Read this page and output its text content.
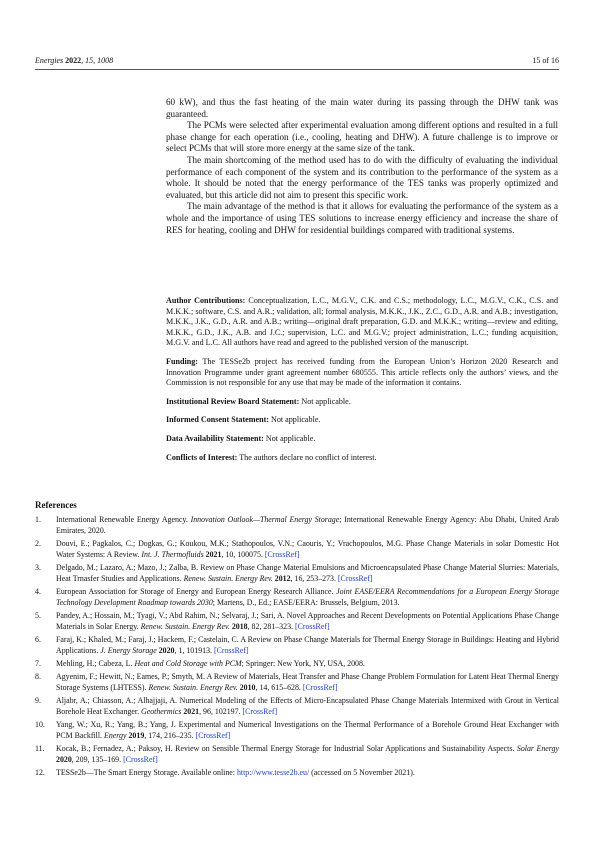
Energies 2022, 15, 1008	15 of 16

60 kW), and thus the fast heating of the main water during its passing through the DHW tank was guaranteed.

The PCMs were selected after experimental evaluation among different options and resulted in a full phase change for each operation (i.e., cooling, heating and DHW). A future challenge is to improve or select PCMs that will store more energy at the same size of the tank.

The main shortcoming of the method used has to do with the difficulty of evaluating the individual performance of each component of the system and its contribution to the performance of the system as a whole. It should be noted that the energy performance of the TES tanks was properly optimized and evaluated, but this article did not aim to present this specific work.

The main advantage of the method is that it allows for evaluating the performance of the system as a whole and the importance of using TES solutions to increase energy efficiency and increase the share of RES for heating, cooling and DHW for residential buildings compared with traditional systems.

Author Contributions: Conceptualization, L.C., M.G.V., C.K. and C.S.; methodology, L.C., M.G.V., C.K., C.S. and M.K.K.; software, C.S. and A.R.; validation, all; formal analysis, M.K.K., J.K., Z.C., G.D., A.R. and A.B.; investigation, M.K.K., J.K., G.D., A.R. and A.B.; writing—original draft preparation, G.D. and M.K.K.; writing—review and editing, M.K.K., G.D., J.K., A.B. and J.C.; supervision, L.C. and M.G.V.; project administration, L.C.; funding acquisition, M.G.V. and L.C. All authors have read and agreed to the published version of the manuscript.

Funding: The TESSe2b project has received funding from the European Union’s Horizon 2020 Research and Innovation Programme under grant agreement number 680555. This article reflects only the authors’ views, and the Commission is not responsible for any use that may be made of the information it contains.

Institutional Review Board Statement: Not applicable.

Informed Consent Statement: Not applicable.

Data Availability Statement: Not applicable.

Conflicts of Interest: The authors declare no conflict of interest.

References
1. International Renewable Energy Agency. Innovation Outlook—Thermal Energy Storage; International Renewable Energy Agency: Abu Dhabi, United Arab Emirates, 2020.
2. Douvi, E.; Pagkalos, C.; Dogkas, G.; Koukou, M.K.; Stathopoulos, V.N.; Caouris, Y.; Vrachopoulos, M.G. Phase Change Materials in solar Domestic Hot Water Systems: A Review. Int. J. Thermofluids 2021, 10, 100075. [CrossRef]
3. Delgado, M.; Lazaro, A.; Mazo, J.; Zalba, B. Review on Phase Change Material Emulsions and Microencapsulated Phase Change Material Slurries: Materials, Heat Trnasfer Studies and Applications. Renew. Sustain. Energy Rev. 2012, 16, 253–273. [CrossRef]
4. European Association for Storage of Energy and European Energy Research Alliance. Joint EASE/EERA Recommendations for a European Energy Storage Technology Development Roadmap towards 2030; Martens, D., Ed.; EASE/EERA: Brussels, Belgium, 2013.
5. Pandey, A.; Hossain, M.; Tyagi, V.; Abd Rahim, N.; Selvaraj, J.; Sari, A. Novel Approaches and Recent Developments on Potential Applications Phase Change Materials in Solar Energy. Renew. Sustain. Energy Rev. 2018, 82, 281–323. [CrossRef]
6. Faraj, K.; Khaled, M.; Faraj, J.; Hackem, F.; Castelain, C. A Review on Phase Change Materials for Thermal Energy Storage in Buildings: Heating and Hybrid Applications. J. Energy Storage 2020, 1, 101913. [CrossRef]
7. Mehling, H.; Cabeza, L. Heat and Cold Storage with PCM; Springer: New York, NY, USA, 2008.
8. Agyenim, F.; Hewitt, N.; Eames, P.; Smyth, M. A Review of Materials, Heat Transfer and Phase Change Problem Formulation for Latent Heat Thermal Energy Storage Systems (LHTESS). Renew. Sustain. Energy Rev. 2010, 14, 615–628. [CrossRef]
9. Aljabr, A.; Chiasson, A.; Alhajjaji, A. Numerical Modeling of the Effects of Micro-Encapsulated Phase Change Materials Intermixed with Grout in Vertical Borehole Heat Exchanger. Geothermics 2021, 96, 102197. [CrossRef]
10. Yang, W.; Xu, R.; Yang, B.; Yang, J. Experimental and Numerical Investigations on the Thermal Performance of a Borehole Ground Heat Exchanger with PCM Backfill. Energy 2019, 174, 216–235. [CrossRef]
11. Kocak, B.; Fernadez, A.; Paksoy, H. Review on Sensible Thermal Energy Storage for Industrial Solar Applications and Sustainability Aspects. Solar Energy 2020, 209, 135–169. [CrossRef]
12. TESSe2b—The Smart Energy Storage. Available online: http://www.tesse2b.eu/ (accessed on 5 November 2021).
